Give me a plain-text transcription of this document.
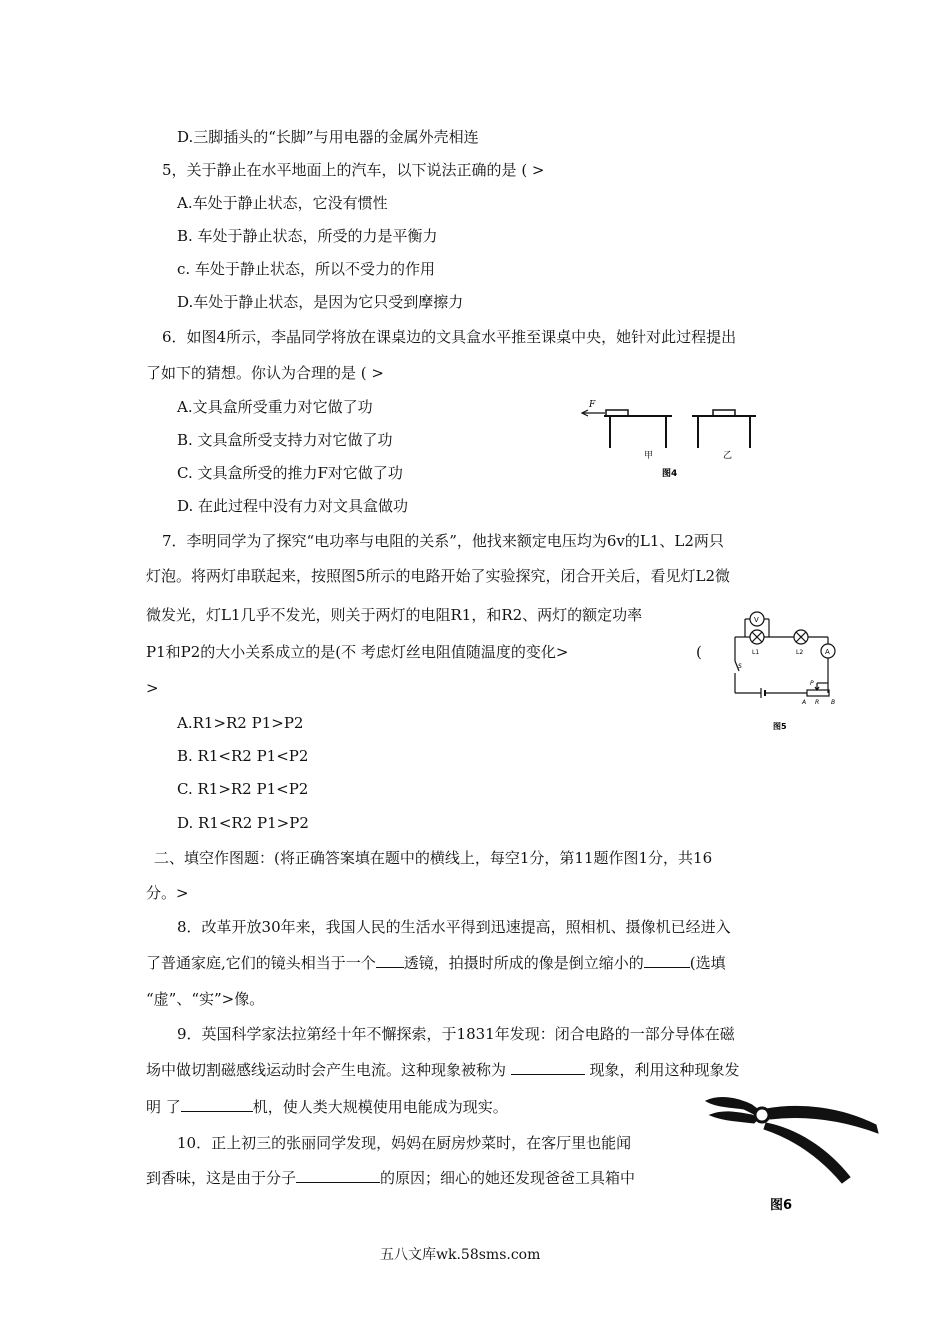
D.三脚插头的“长脚”与用电器的金属外壳相连
5，关于静止在水平地面上的汽车，以下说法正确的是 ( >
A.车处于静止状态，它没有惯性
B. 车处于静止状态，所受的力是平衡力
c. 车处于静止状态，所以不受力的作用
D.车处于静止状态，是因为它只受到摩擦力
6．如图4所示，李晶同学将放在课桌边的文具盒水平推至课桌中央，她针对此过程提出
了如下的猜想。你认为合理的是 ( >
A.文具盒所受重力对它做了功
B. 文具盒所受支持力对它做了功
C. 文具盒所受的推力F对它做了功
D. 在此过程中没有力对文具盒做功
7．李明同学为了探究“电功率与电阻的关系”，他找来额定电压均为6v的L1、L2两只
灯泡。将两灯串联起来，按照图5所示的电路开始了实验探究，闭合开关后，看见灯L2微
微发光，灯L1几乎不发光，则关于两灯的电阻R1，和R2、两灯的额定功率
P1和P2的大小关系成立的是(不 考虑灯丝电阻值随温度的变化>	(
>
A.R1>R2 P1>P2
B. R1<R2 P1<P2
C. R1>R2 P1<P2
D. R1<R2 P1>P2
二、填空作图题：(将正确答案填在题中的横线上，每空1分，第11题作图1分，共16
分。>
8．改革开放30年来，我国人民的生活水平得到迅速提高，照相机、摄像机已经进入
了普通家庭,它们的镜头相当于一个 透镜，拍摄时所成的像是倒立缩小的	(选填
“虚”、“实”>像。
9．英国科学家法拉第经十年不懈探索，于1831年发现：闭合电路的一部分导体在磁
场中做切割磁感线运动时会产生电流。这种现象被称为	现象，利用这种现象发
明 了	机，使人类大规模使用电能成为现实。
10．正上初三的张丽同学发现，妈妈在厨房炒菜时，在客厅里也能闻
到香味，这是由于分子	的原因；细心的她还发现爸爸工具箱中
F
甲	乙
图4
V
A
L1	L2
S
P
A R B
图5
图6
五八文库wk.58sms.com
